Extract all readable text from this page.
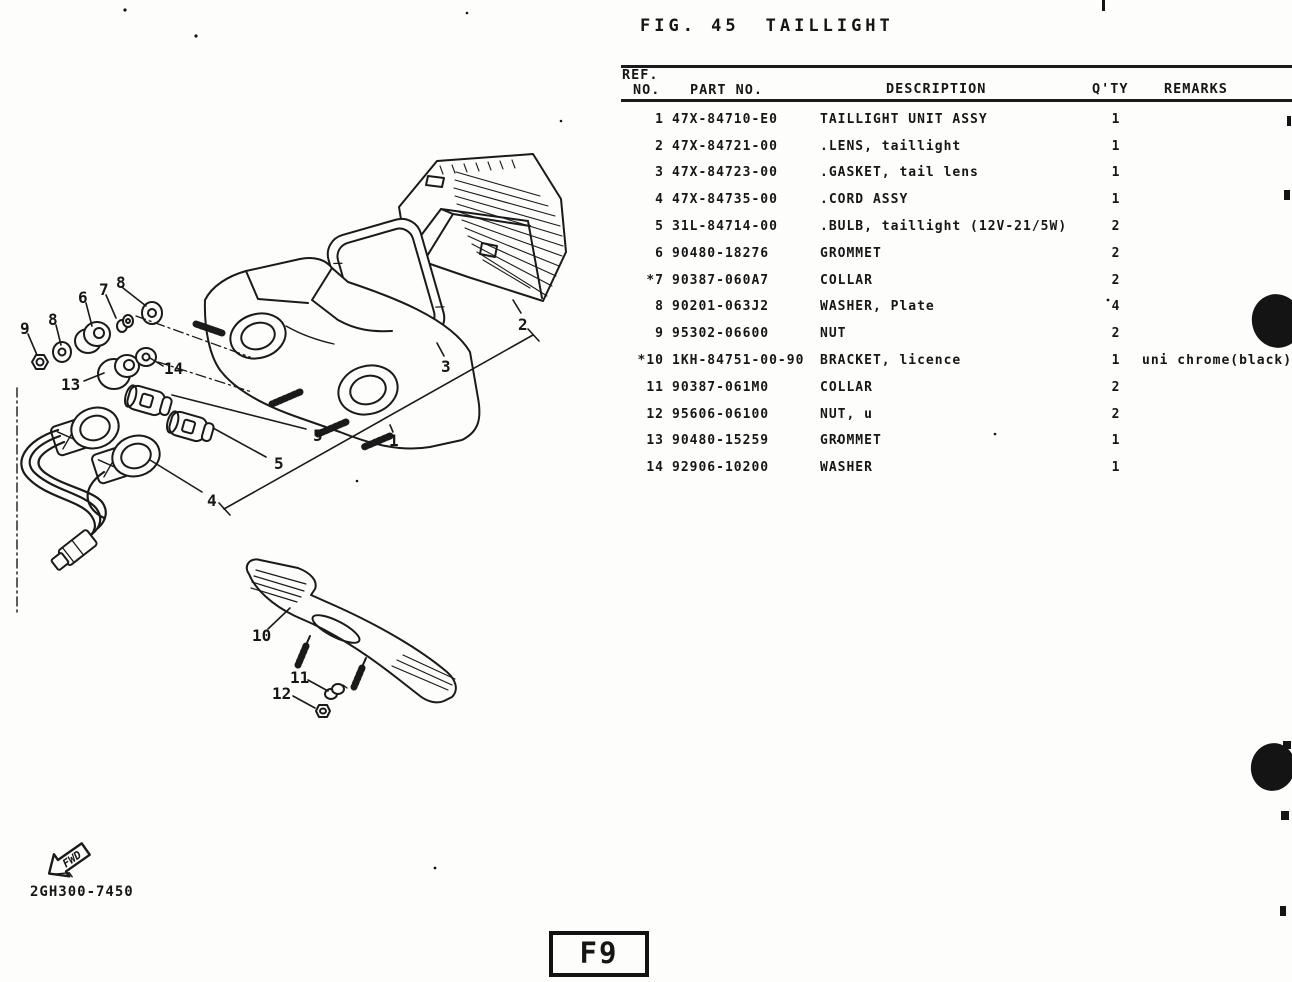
1
2
3
4
5
5
6 7 8
8
9
10
11
12
13
14
FWD
FIG. 45 TAILLIGHT
REF.
NO. PART NO.	DESCRIPTION	Q'TY	REMARKS
1 47X-84710-E0	TAILLIGHT UNIT ASSY	1
2 47X-84721-00	.LENS, taillight	1
3 47X-84723-00	.GASKET, tail lens	1
4 47X-84735-00	.CORD ASSY	1
5 31L-84714-00	.BULB, taillight (12V-21/5W)	2
6 90480-18276	GROMMET	2
*7 90387-060A7	COLLAR	2
8 90201-063J2	WASHER, Plate	4
9 95302-06600	NUT	2
*10 1KH-84751-00-90	BRACKET, licence	1	uni chrome(black)
11 90387-061M0	COLLAR	2
12 95606-06100	NUT, u	2
13 90480-15259	GROMMET	1
14 92906-10200	WASHER	1
2GH300-7450
F9
